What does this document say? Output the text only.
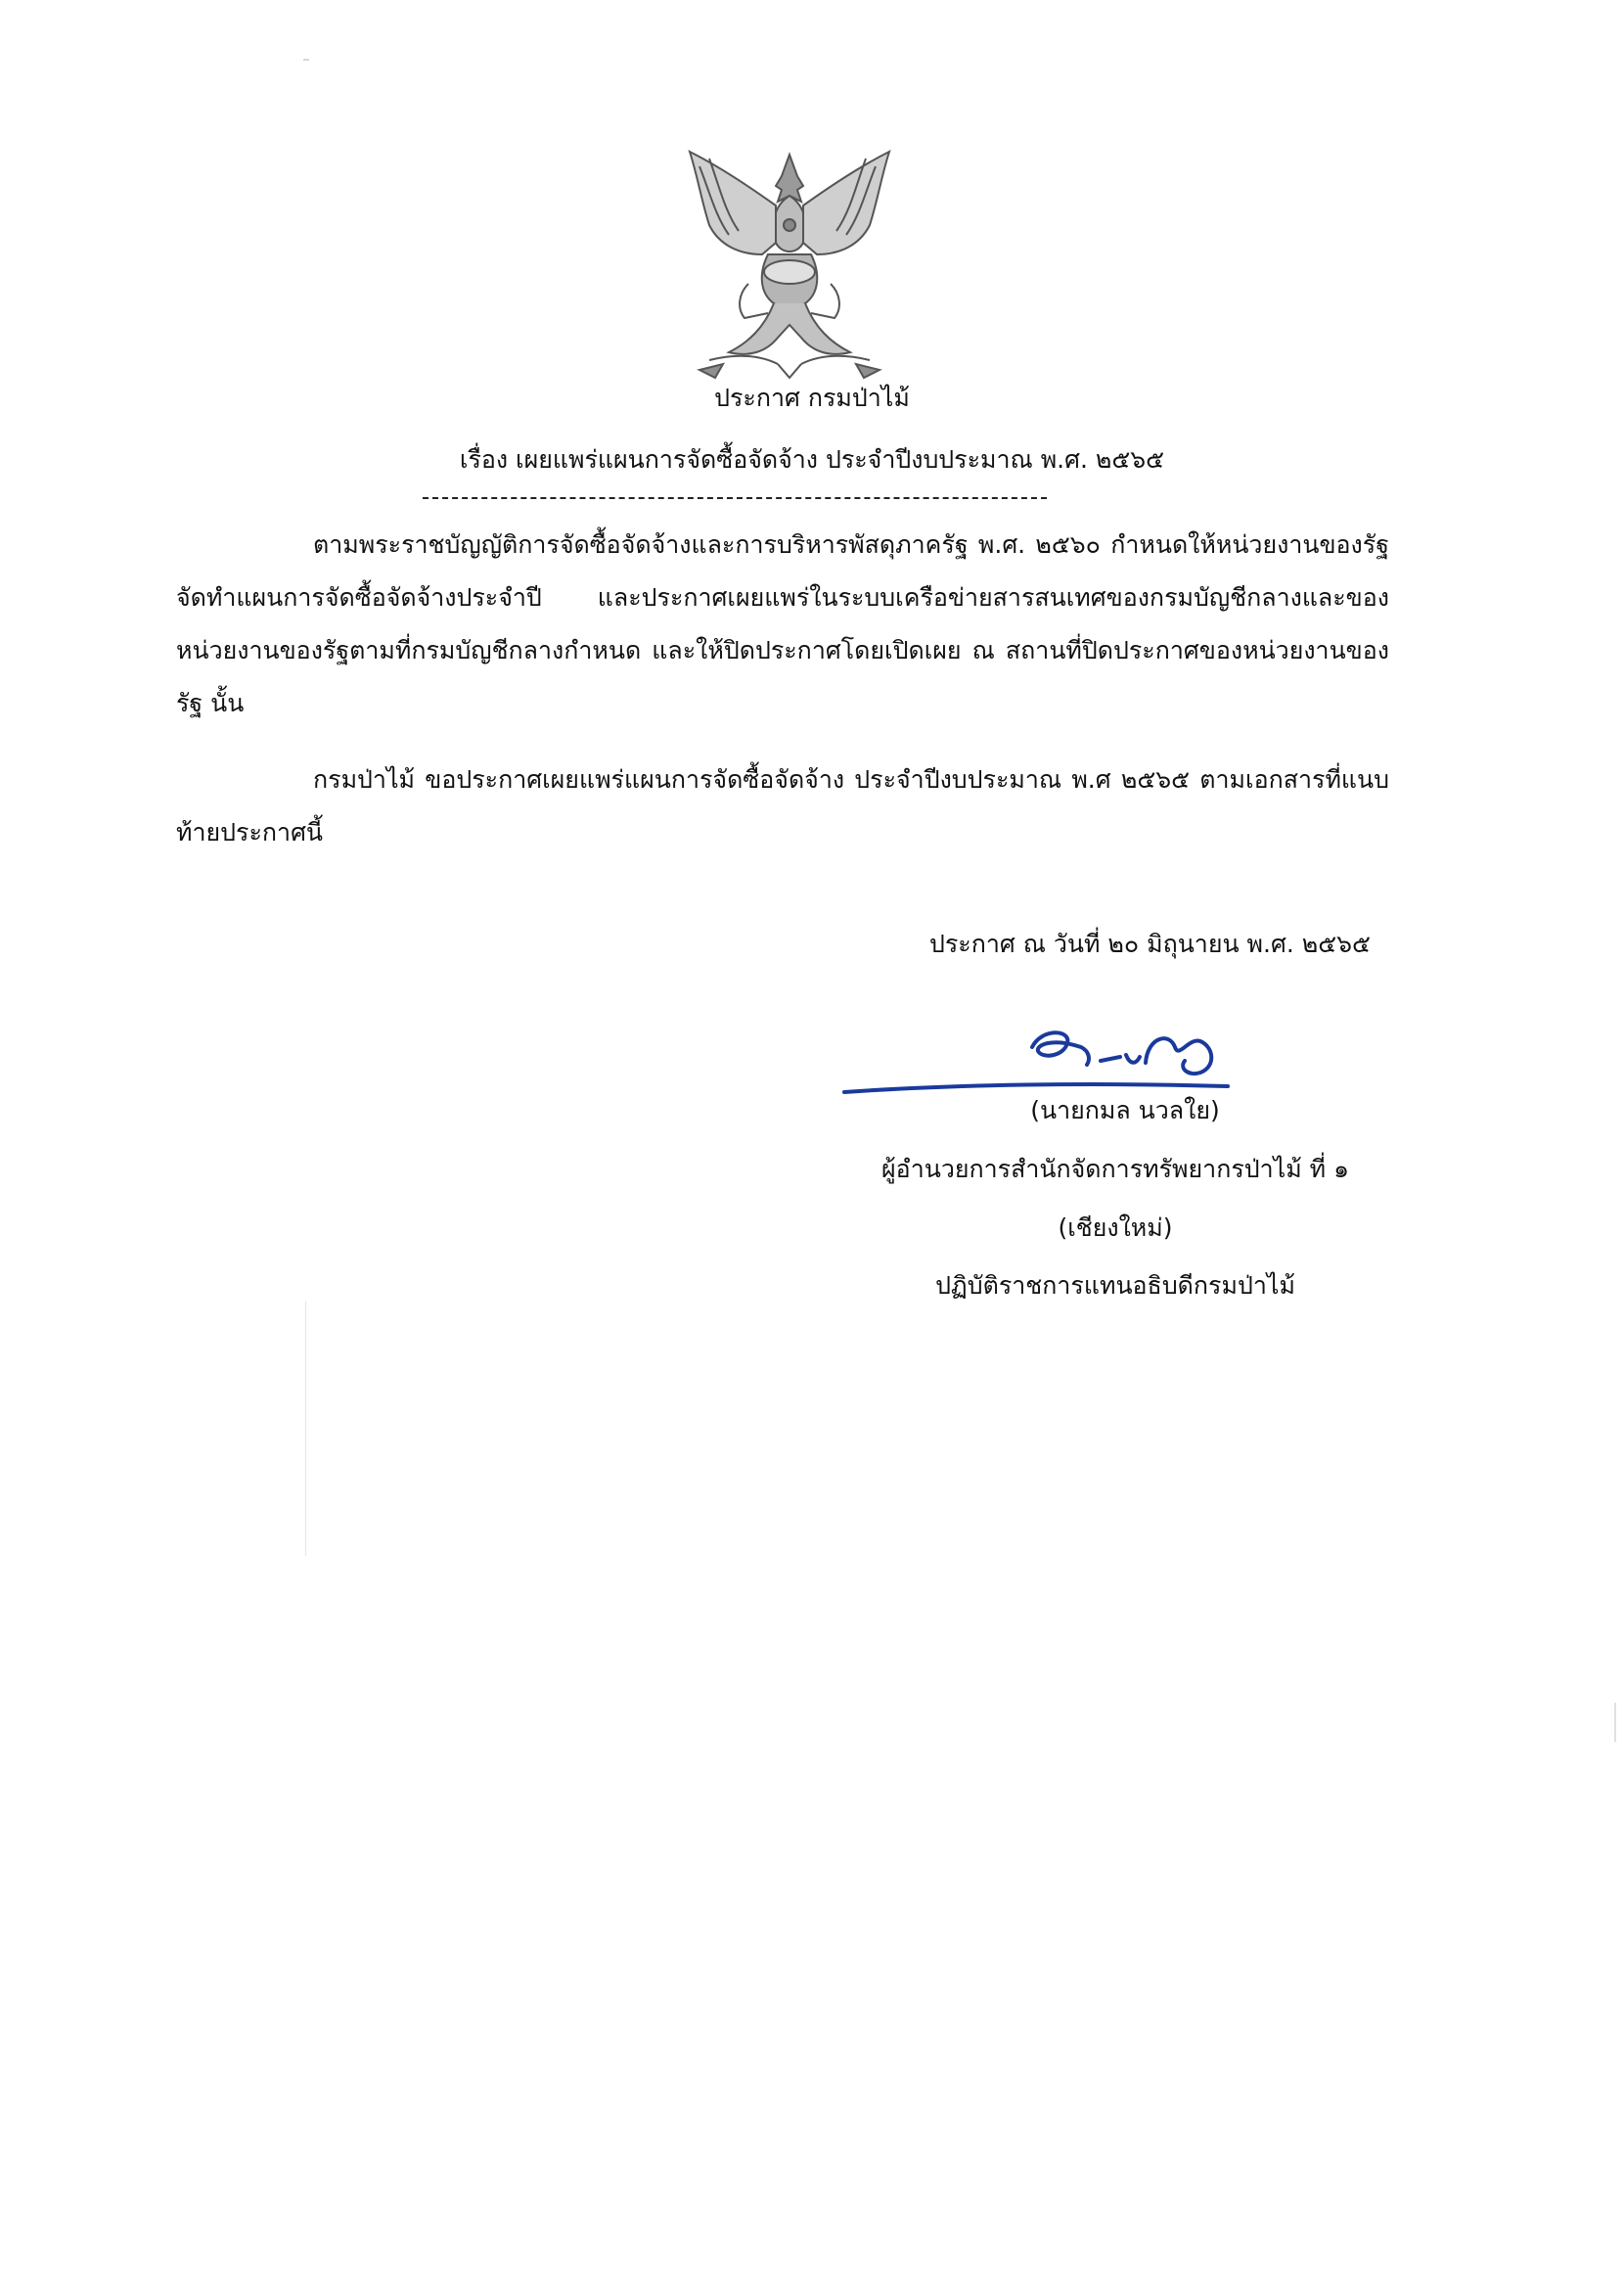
ประกาศ กรมป่าไม้
เรื่อง เผยแพร่แผนการจัดซื้อจัดจ้าง ประจำปีงบประมาณ พ.ศ. ๒๕๖๕

ตามพระราชบัญญัติการจัดซื้อจัดจ้างและการบริหารพัสดุภาครัฐ พ.ศ. ๒๕๖๐ กำหนดให้หน่วยงานของรัฐจัดทำแผนการจัดซื้อจัดจ้างประจำปี และประกาศเผยแพร่ในระบบเครือข่ายสารสนเทศของกรมบัญชีกลางและของหน่วยงานของรัฐตามที่กรมบัญชีกลางกำหนด และให้ปิดประกาศโดยเปิดเผย ณ สถานที่ปิดประกาศของหน่วยงานของรัฐ นั้น

กรมป่าไม้ ขอประกาศเผยแพร่แผนการจัดซื้อจัดจ้าง ประจำปีงบประมาณ พ.ศ ๒๕๖๕ ตามเอกสารที่แนบท้ายประกาศนี้

ประกาศ ณ วันที่ ๒๐ มิถุนายน พ.ศ. ๒๕๖๕
(นายกมล นวลใย)
ผู้อำนวยการสำนักจัดการทรัพยากรป่าไม้ ที่ ๑
(เชียงใหม่)
ปฏิบัติราชการแทนอธิบดีกรมป่าไม้
